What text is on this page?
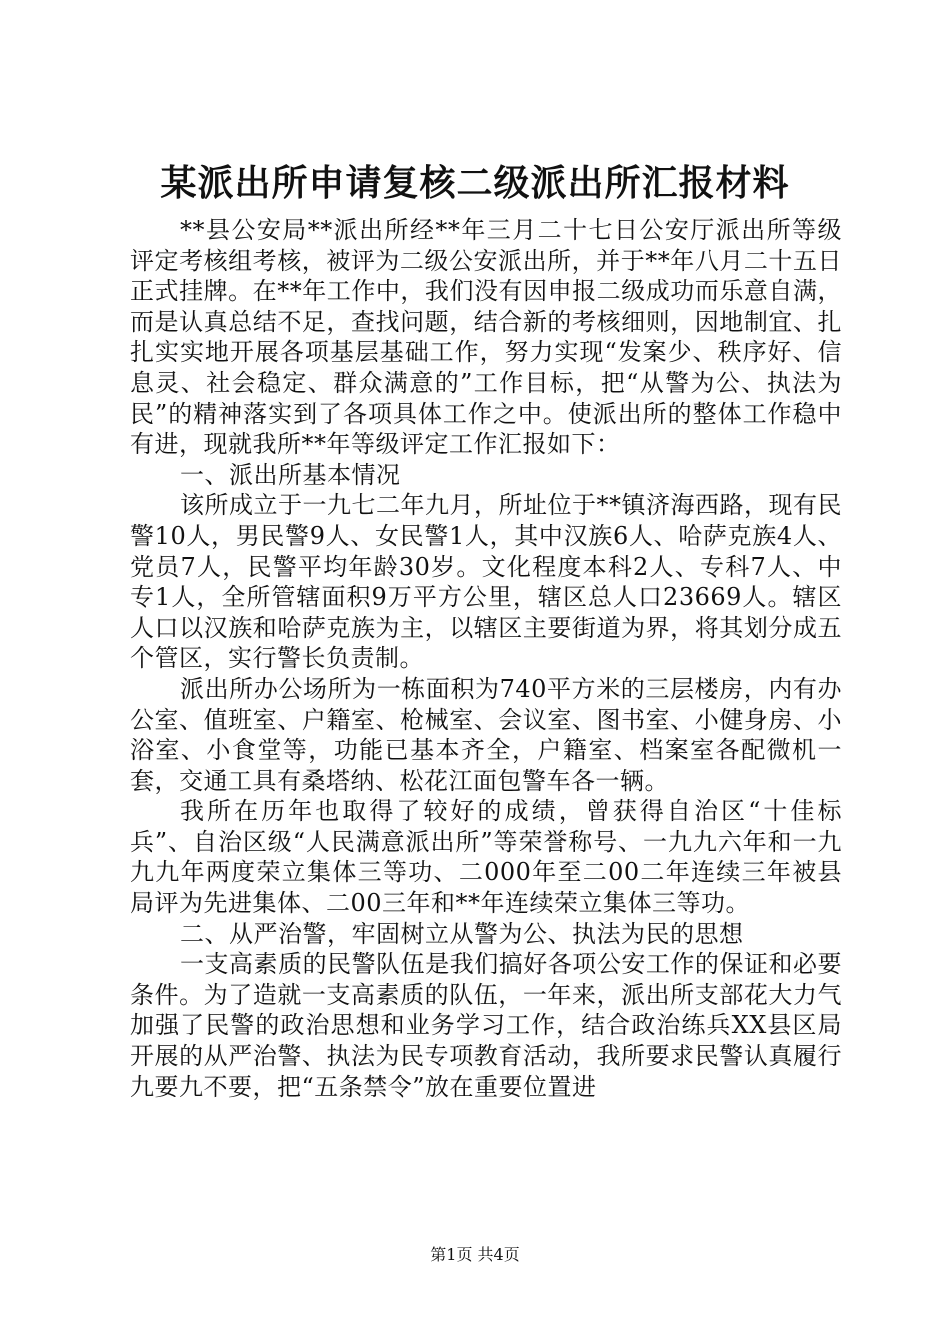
某派出所申请复核二级派出所汇报材料

**县公安局**派出所经**年三月二十七日公安厅派出所等级评定考核组考核，被评为二级公安派出所，并于**年八月二十五日正式挂牌。在**年工作中，我们没有因申报二级成功而乐意自满，而是认真总结不足，查找问题，结合新的考核细则，因地制宜、扎扎实实地开展各项基层基础工作，努力实现“发案少、秩序好、信息灵、社会稳定、群众满意的”工作目标，把“从警为公、执法为民”的精神落实到了各项具体工作之中。使派出所的整体工作稳中有进，现就我所**年等级评定工作汇报如下：

一、派出所基本情况

该所成立于一九七二年九月，所址位于**镇济海西路，现有民警10人，男民警9人、女民警1人，其中汉族6人、哈萨克族4人、党员7人，民警平均年龄30岁。文化程度本科2人、专科7人、中专1人，全所管辖面积9万平方公里，辖区总人口23669人。辖区人口以汉族和哈萨克族为主，以辖区主要街道为界，将其划分成五个管区，实行警长负责制。

派出所办公场所为一栋面积为740平方米的三层楼房，内有办公室、值班室、户籍室、枪械室、会议室、图书室、小健身房、小浴室、小食堂等，功能已基本齐全，户籍室、档案室各配微机一套，交通工具有桑塔纳、松花江面包警车各一辆。

我所在历年也取得了较好的成绩，曾获得自治区“十佳标兵”、自治区级“人民满意派出所”等荣誉称号、一九九六年和一九九九年两度荣立集体三等功、二000年至二00二年连续三年被县局评为先进集体、二00三年和**年连续荣立集体三等功。

二、从严治警，牢固树立从警为公、执法为民的思想

一支高素质的民警队伍是我们搞好各项公安工作的保证和必要条件。为了造就一支高素质的队伍，一年来，派出所支部花大力气加强了民警的政治思想和业务学习工作，结合政治练兵XX县区局开展的从严治警、执法为民专项教育活动，我所要求民警认真履行九要九不要，把“五条禁令”放在重要位置进

第1页 共4页
